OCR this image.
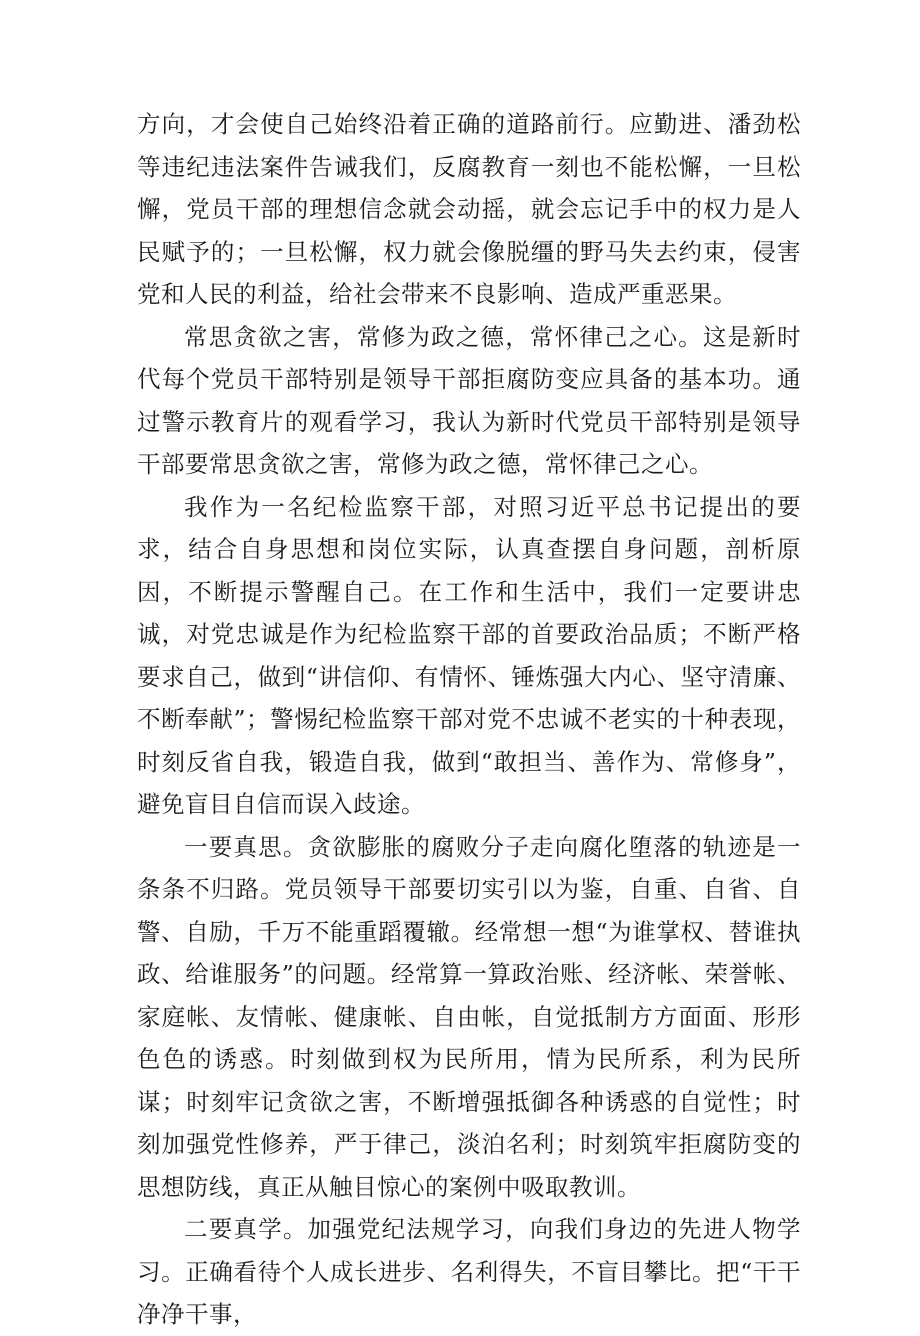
方向，才会使自己始终沿着正确的道路前行。应勤进、潘劲松等违纪违法案件告诫我们，反腐教育一刻也不能松懈，一旦松懈，党员干部的理想信念就会动摇，就会忘记手中的权力是人民赋予的；一旦松懈，权力就会像脱缰的野马失去约束，侵害党和人民的利益，给社会带来不良影响、造成严重恶果。

常思贪欲之害，常修为政之德，常怀律己之心。这是新时代每个党员干部特别是领导干部拒腐防变应具备的基本功。通过警示教育片的观看学习，我认为新时代党员干部特别是领导干部要常思贪欲之害，常修为政之德，常怀律己之心。

我作为一名纪检监察干部，对照习近平总书记提出的要求，结合自身思想和岗位实际，认真查摆自身问题，剖析原因，不断提示警醒自己。在工作和生活中，我们一定要讲忠诚，对党忠诚是作为纪检监察干部的首要政治品质；不断严格要求自己，做到“讲信仰、有情怀、锤炼强大内心、坚守清廉、不断奉献”；警惕纪检监察干部对党不忠诚不老实的十种表现，时刻反省自我，锻造自我，做到“敢担当、善作为、常修身”，避免盲目自信而误入歧途。

一要真思。贪欲膨胀的腐败分子走向腐化堕落的轨迹是一条条不归路。党员领导干部要切实引以为鉴，自重、自省、自警、自励，千万不能重蹈覆辙。经常想一想“为谁掌权、替谁执政、给谁服务”的问题。经常算一算政治账、经济帐、荣誉帐、家庭帐、友情帐、健康帐、自由帐，自觉抵制方方面面、形形色色的诱惑。时刻做到权为民所用，情为民所系，利为民所谋；时刻牢记贪欲之害，不断增强抵御各种诱惑的自觉性；时刻加强党性修养，严于律己，淡泊名利；时刻筑牢拒腐防变的思想防线，真正从触目惊心的案例中吸取教训。

二要真学。加强党纪法规学习，向我们身边的先进人物学习。正确看待个人成长进步、名利得失，不盲目攀比。把“干干净净干事，
